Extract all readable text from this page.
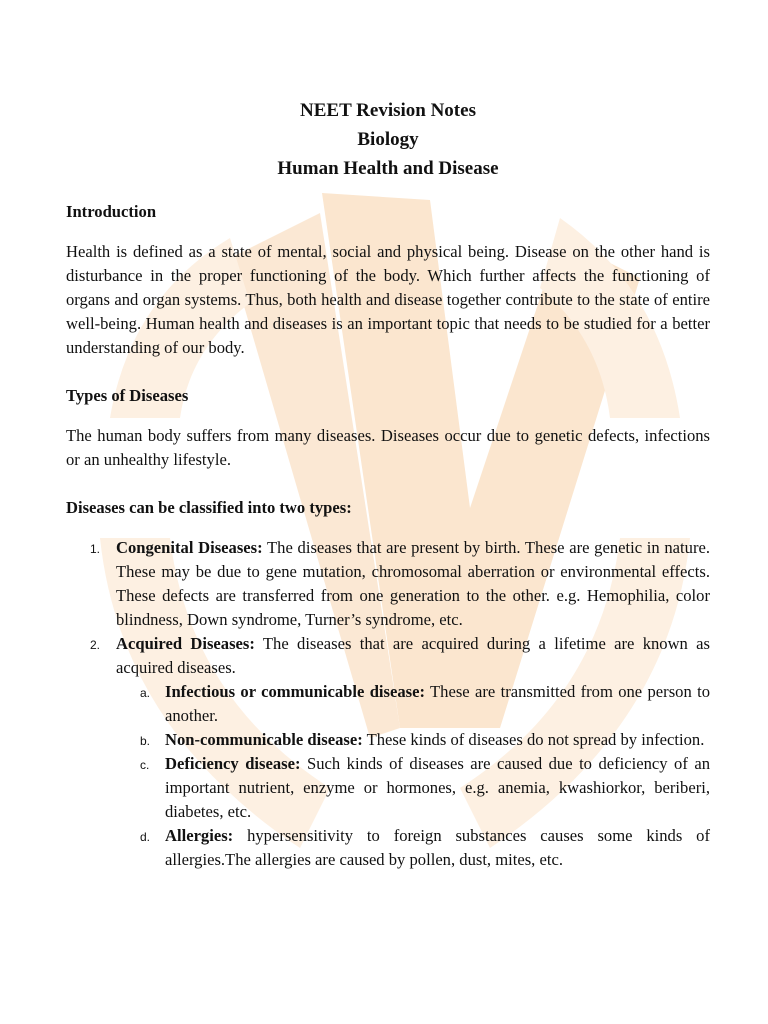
NEET Revision Notes
Biology
Human Health and Disease
Introduction

Health is defined as a state of mental, social and physical being. Disease on the other hand is disturbance in the proper functioning of the body. Which further affects the functioning of organs and organ systems. Thus, both health and disease together contribute to the state of entire well-being. Human health and diseases is an important topic that needs to be studied for a better understanding of our body.

Types of Diseases

The human body suffers from many diseases. Diseases occur due to genetic defects, infections or an unhealthy lifestyle.

Diseases can be classified into two types:
1. Congenital Diseases: The diseases that are present by birth. These are genetic in nature. These may be due to gene mutation, chromosomal aberration or environmental effects. These defects are transferred from one generation to the other. e.g. Hemophilia, color blindness, Down syndrome, Turner’s syndrome, etc.
2. Acquired Diseases: The diseases that are acquired during a lifetime are known as acquired diseases.
a. Infectious or communicable disease: These are transmitted from one person to another.
b. Non-communicable disease: These kinds of diseases do not spread by infection.
c. Deficiency disease: Such kinds of diseases are caused due to deficiency of an important nutrient, enzyme or hormones, e.g. anemia, kwashiorkor, beriberi, diabetes, etc.
d. Allergies: hypersensitivity to foreign substances causes some kinds of allergies.The allergies are caused by pollen, dust, mites, etc.
